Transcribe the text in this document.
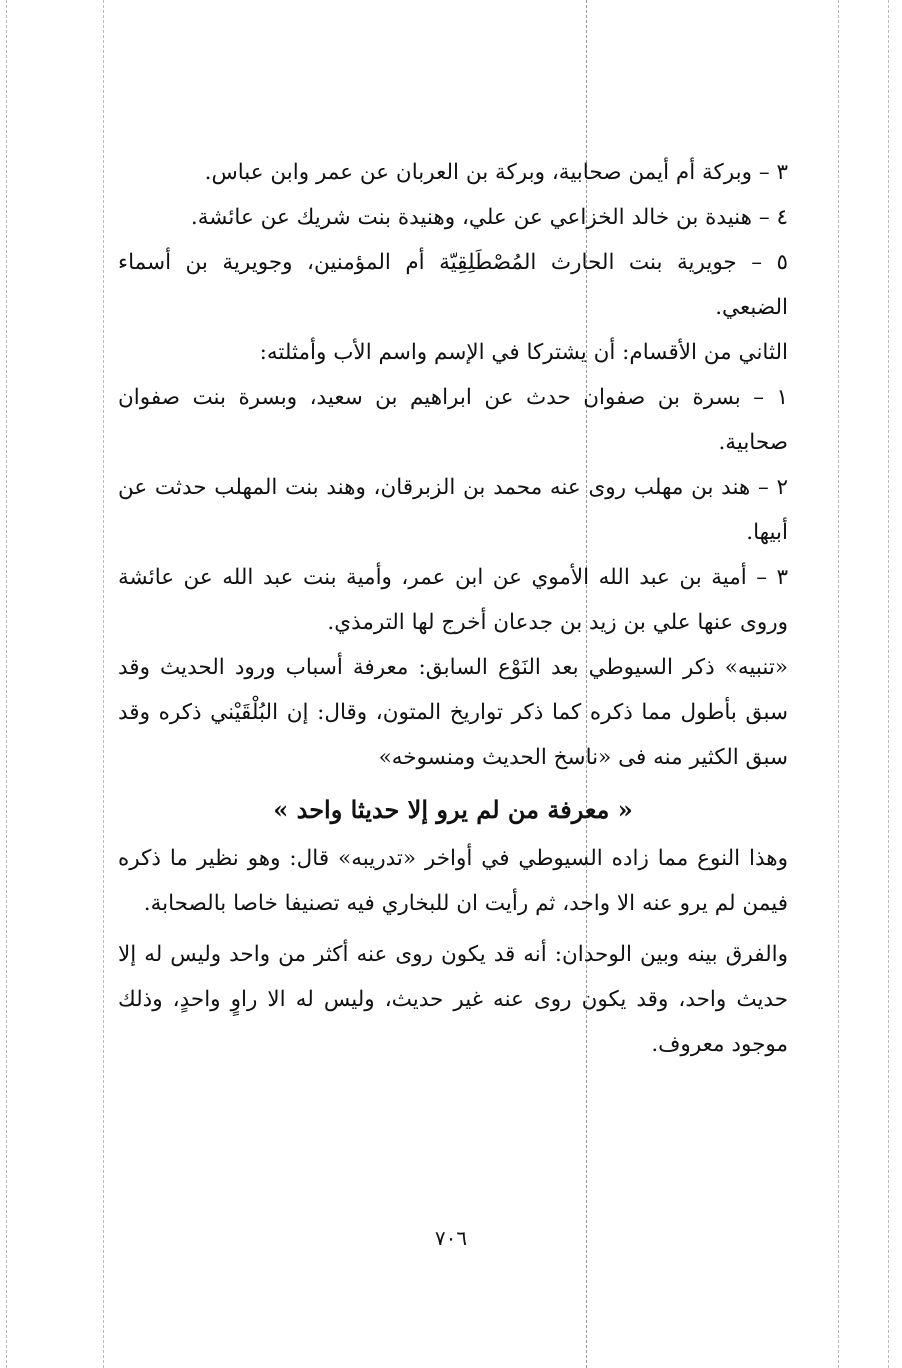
٣ – وبركة أم أيمن صحابية، وبركة بن العربان عن عمر وابن عباس.

٤ – هنيدة بن خالد الخزاعي عن علي، وهنيدة بنت شريك عن عائشة.

٥ – جويرية بنت الحارث المُصْطَلِقِيّة أم المؤمنين، وجويرية بن أسماء الضبعي.

الثاني من الأقسام: أن يشتركا في الإسم واسم الأب وأمثلته:

١ – بسرة بن صفوان حدث عن ابراهيم بن سعيد، وبسرة بنت صفوان صحابية.

٢ – هند بن مهلب روى عنه محمد بن الزبرقان، وهند بنت المهلب حدثت عن أبيها.

٣ – أمية بن عبد الله الأموي عن ابن عمر، وأمية بنت عبد الله عن عائشة وروى عنها علي بن زيد بن جدعان أخرج لها الترمذي.

«تنبيه» ذكر السيوطي بعد النَوْع السابق: معرفة أسباب ورود الحديث وقد سبق بأطول مما ذكره كما ذكر تواريخ المتون، وقال: إن البُلْقَيْني ذكره وقد سبق الكثير منه فى «ناسخ الحديث ومنسوخه»

« معرفة من لم يرو إلا حديثا واحد »

وهذا النوع مما زاده السيوطي في أواخر «تدريبه» قال: وهو نظير ما ذكره فيمن لم يرو عنه الا واحد، ثم رأيت ان للبخاري فيه تصنيفا خاصا بالصحابة.

والفرق بينه وبين الوحدان: أنه قد يكون روى عنه أكثر من واحد وليس له إلا حديث واحد، وقد يكون روى عنه غير حديث، وليس له الا راوٍ واحدٍ، وذلك موجود معروف.

٧٠٦
